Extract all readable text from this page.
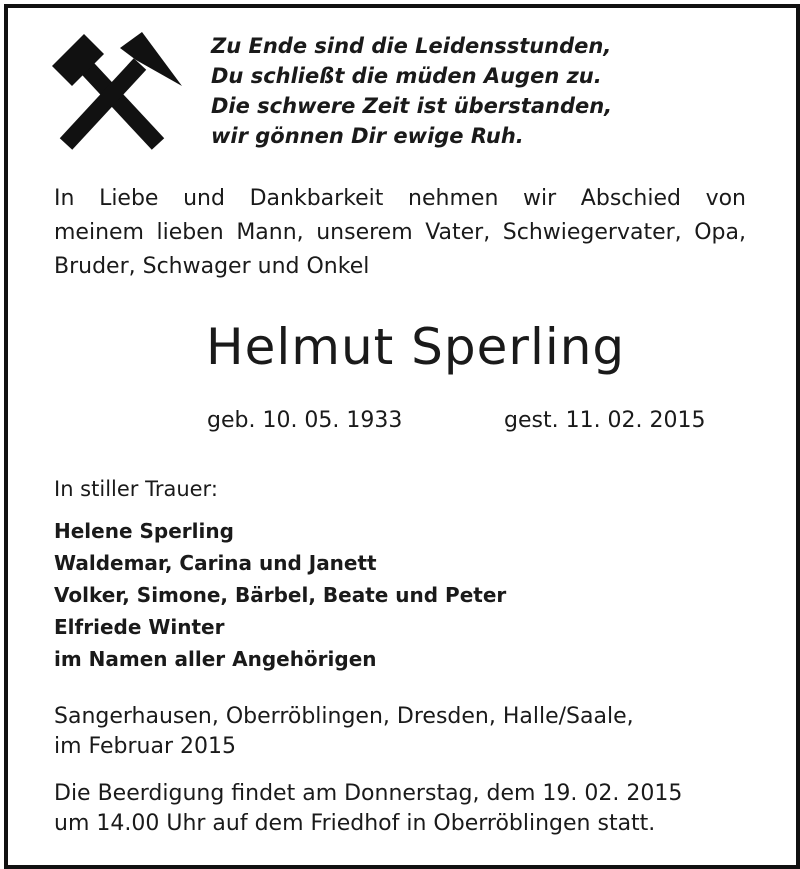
Zu Ende sind die Leidensstunden,
Du schließt die müden Augen zu.
Die schwere Zeit ist überstanden,
wir gönnen Dir ewige Ruh.

In Liebe und Dankbarkeit nehmen wir Abschied von
meinem lieben Mann, unserem Vater, Schwiegervater, Opa,
Bruder, Schwager und Onkel

Helmut Sperling
geb. 10. 05. 1933	gest. 11. 02. 2015
In stiller Trauer:
Helene Sperling
Waldemar, Carina und Janett
Volker, Simone, Bärbel, Beate und Peter
Elfriede Winter
im Namen aller Angehörigen
Sangerhausen, Oberröblingen, Dresden, Halle/Saale,
im Februar 2015
Die Beerdigung findet am Donnerstag, dem 19. 02. 2015
um 14.00 Uhr auf dem Friedhof in Oberröblingen statt.
